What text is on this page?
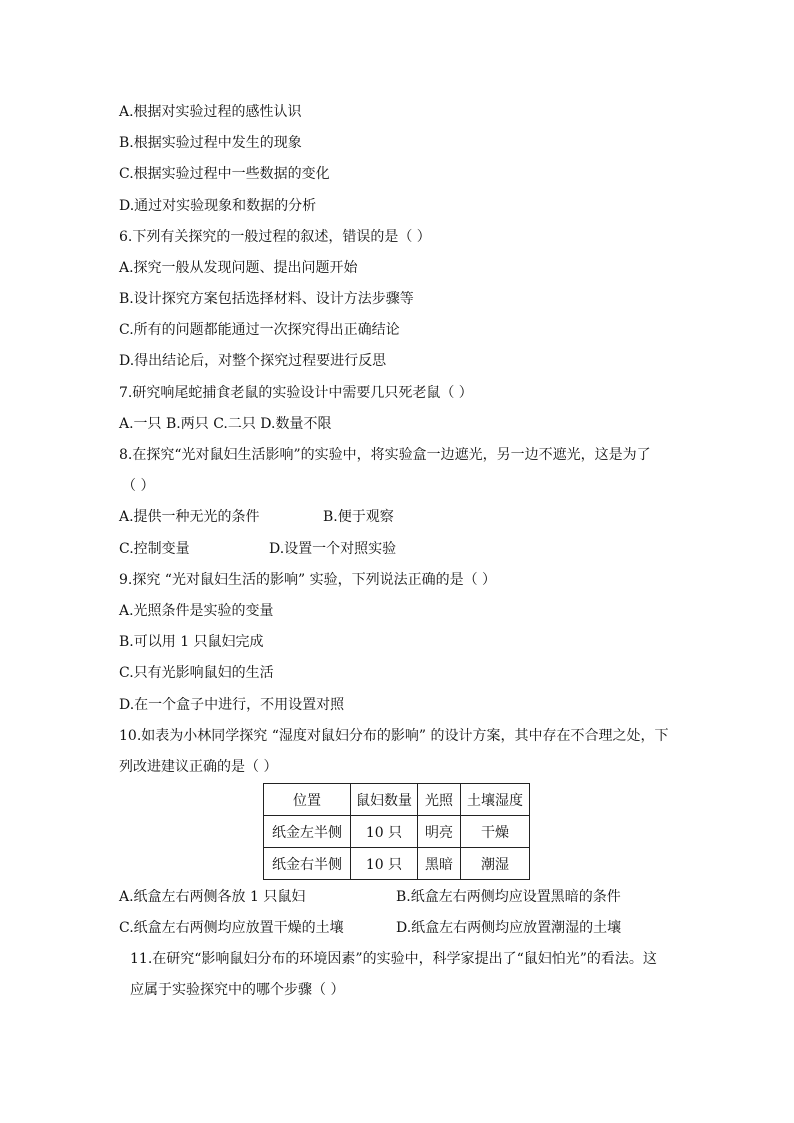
A.根据对实验过程的感性认识
B.根据实验过程中发生的现象
C.根据实验过程中一些数据的变化
D.通过对实验现象和数据的分析
6.下列有关探究的一般过程的叙述，错误的是（ ）
A.探究一般从发现问题、提出问题开始
B.设计探究方案包括选择材料、设计方法步骤等
C.所有的问题都能通过一次探究得出正确结论
D.得出结论后，对整个探究过程要进行反思
7.研究响尾蛇捕食老鼠的实验设计中需要几只死老鼠（ ）
A.一只 B.两只 C.二只 D.数量不限
8.在探究“光对鼠妇生活影响”的实验中，将实验盒一边遮光，另一边不遮光，这是为了
（ ）
A.提供一种无光的条件	B.便于观察
C.控制变量	D.设置一个对照实验
9.探究 “光对鼠妇生活的影响” 实验，下列说法正确的是（ ）
A.光照条件是实验的变量
B.可以用 1 只鼠妇完成
C.只有光影响鼠妇的生活
D.在一个盒子中进行，不用设置对照
10.如表为小林同学探究 “湿度对鼠妇分布的影响” 的设计方案，其中存在不合理之处，下
列改进建议正确的是（ ）
位置	鼠妇数量	光照	土壤湿度
纸金左半侧	10 只	明亮	干燥
纸金右半侧	10 只	黑暗	潮湿
A.纸盒左右两侧各放 1 只鼠妇	B.纸盒左右两侧均应设置黑暗的条件
C.纸盒左右两侧均应放置干燥的土壤	D.纸盒左右两侧均应放置潮湿的土壤
11.在研究“影响鼠妇分布的环境因素”的实验中，科学家提出了“鼠妇怕光”的看法。这
应属于实验探究中的哪个步骤（ ）
